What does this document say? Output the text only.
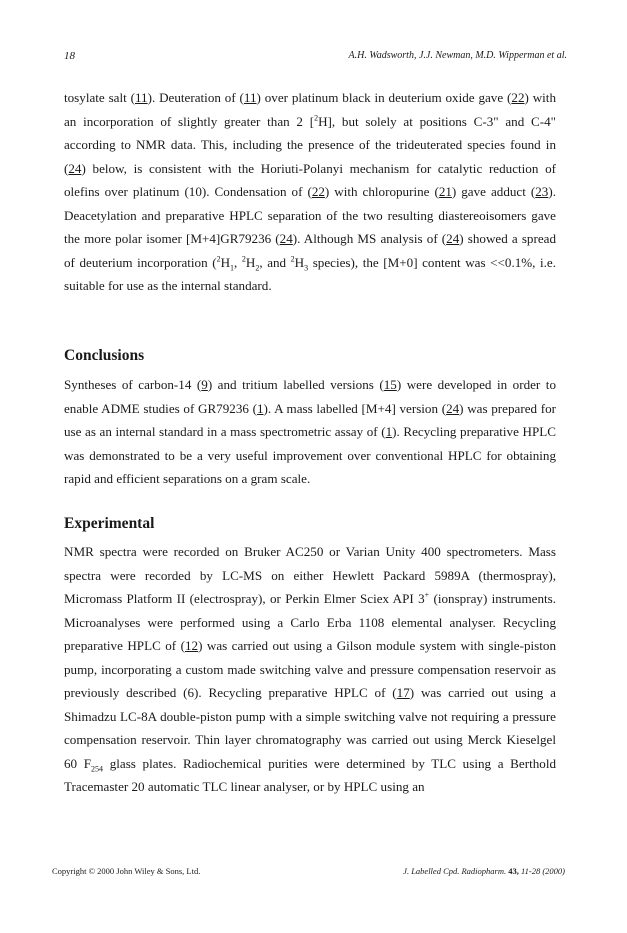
18	A.H. Wadsworth, J.J. Newman, M.D. Wipperman et al.

tosylate salt (11). Deuteration of (11) over platinum black in deuterium oxide gave (22) with an incorporation of slightly greater than 2 [$^2$H], but solely at positions C-3" and C-4" according to NMR data. This, including the presence of the trideuterated species found in (24) below, is consistent with the Horiuti-Polanyi mechanism for catalytic reduction of olefins over platinum (10). Condensation of (22) with chloropurine (21) gave adduct (23). Deacetylation and preparative HPLC separation of the two resulting diastereoisomers gave the more polar isomer [M+4]GR79236 (24). Although MS analysis of (24) showed a spread of deuterium incorporation ($^2H_1$, $^2H_2$, and $^2H_3$ species), the [M+0] content was <<0.1%, i.e. suitable for use as the internal standard.

Conclusions

Syntheses of carbon-14 (9) and tritium labelled versions (15) were developed in order to enable ADME studies of GR79236 (1). A mass labelled [M+4] version (24) was prepared for use as an internal standard in a mass spectrometric assay of (1). Recycling preparative HPLC was demonstrated to be a very useful improvement over conventional HPLC for obtaining rapid and efficient separations on a gram scale.

Experimental

NMR spectra were recorded on Bruker AC250 or Varian Unity 400 spectrometers. Mass spectra were recorded by LC-MS on either Hewlett Packard 5989A (thermospray), Micromass Platform II (electrospray), or Perkin Elmer Sciex API 3+ (ionspray) instruments. Microanalyses were performed using a Carlo Erba 1108 elemental analyser. Recycling preparative HPLC of (12) was carried out using a Gilson module system with single-piston pump, incorporating a custom made switching valve and pressure compensation reservoir as previously described (6). Recycling preparative HPLC of (17) was carried out using a Shimadzu LC-8A double-piston pump with a simple switching valve not requiring a pressure compensation reservoir. Thin layer chromatography was carried out using Merck Kieselgel 60 $F_{254}$ glass plates. Radiochemical purities were determined by TLC using a Berthold Tracemaster 20 automatic TLC linear analyser, or by HPLC using an

Copyright © 2000 John Wiley & Sons, Ltd.	J. Labelled Cpd. Radiopharm. 43, 11-28 (2000)
